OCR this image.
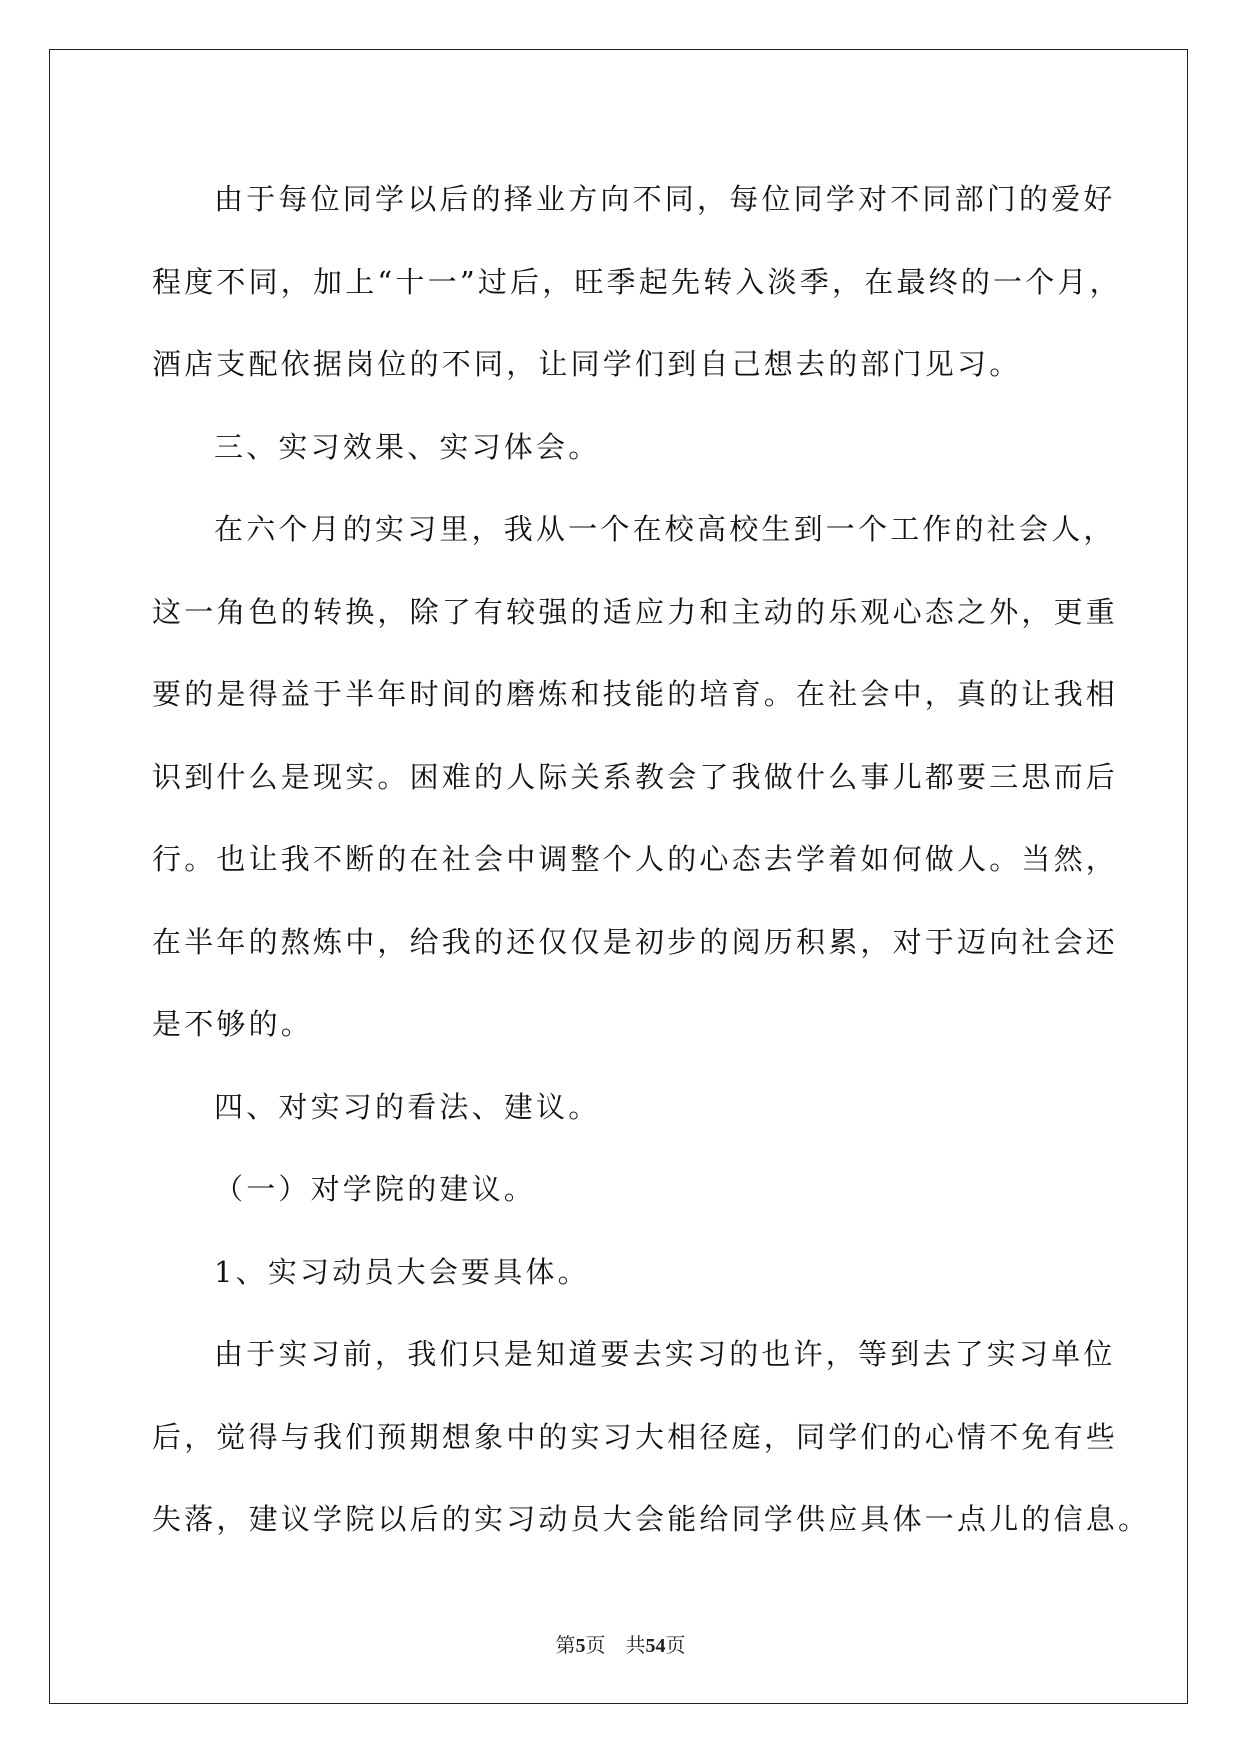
由于每位同学以后的择业方向不同，每位同学对不同部门的爱好

程度不同，加上“十一”过后，旺季起先转入淡季，在最终的一个月，

酒店支配依据岗位的不同，让同学们到自己想去的部门见习。

三、实习效果、实习体会。

在六个月的实习里，我从一个在校高校生到一个工作的社会人，

这一角色的转换，除了有较强的适应力和主动的乐观心态之外，更重

要的是得益于半年时间的磨炼和技能的培育。在社会中，真的让我相

识到什么是现实。困难的人际关系教会了我做什么事儿都要三思而后

行。也让我不断的在社会中调整个人的心态去学着如何做人。当然，

在半年的熬炼中，给我的还仅仅是初步的阅历积累，对于迈向社会还

是不够的。

四、对实习的看法、建议。

（一）对学院的建议。

1、实习动员大会要具体。

由于实习前，我们只是知道要去实习的也许，等到去了实习单位

后，觉得与我们预期想象中的实习大相径庭，同学们的心情不免有些

失落，建议学院以后的实习动员大会能给同学供应具体一点儿的信息。

第5页　共54页
